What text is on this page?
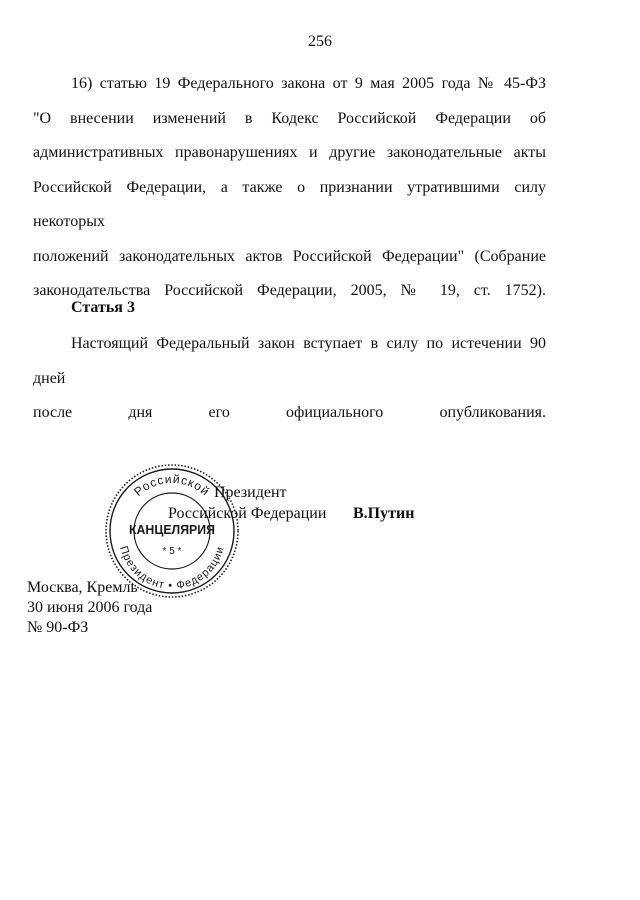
256
16) статью 19 Федерального закона от 9 мая 2005 года № 45-ФЗ
"О внесении изменений в Кодекс Российской Федерации об
административных правонарушениях и другие законодательные акты
Российской Федерации, а также о признании утратившими силу некоторых
положений законодательных актов Российской Федерации" (Собрание
законодательства Российской Федерации, 2005, № 19, ст. 1752).
Статья 3
Настоящий Федеральный закон вступает в силу по истечении 90 дней
после дня его официального опубликования.
Российской
Президент • Федерации
КАНЦЕЛЯРИЯ
* 5 *
Президент
Российской Федерации В.Путин
Москва, Кремль
30 июня 2006 года
№ 90-ФЗ
